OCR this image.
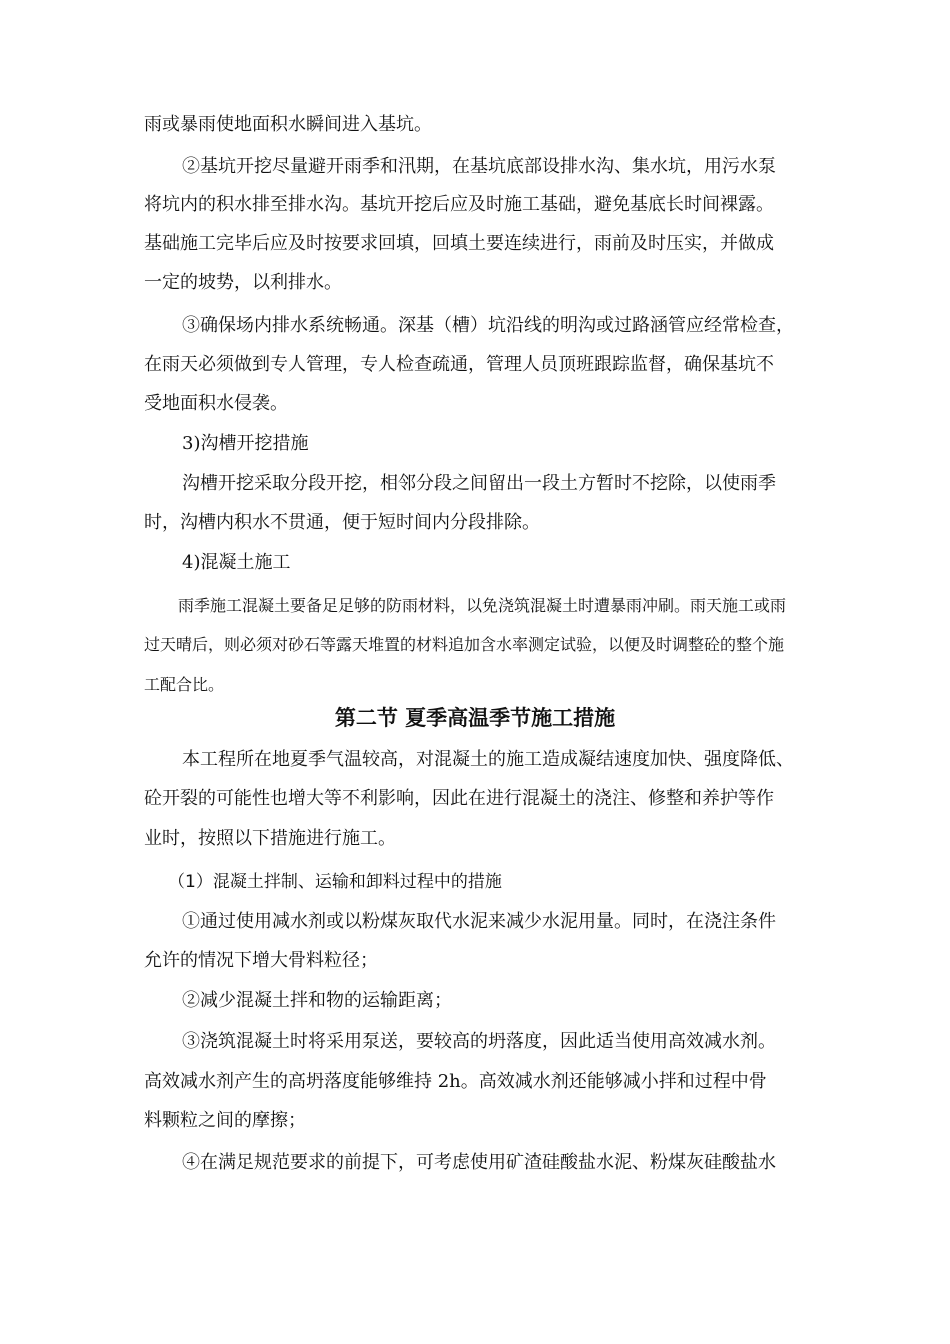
雨或暴雨使地面积水瞬间进入基坑。
②基坑开挖尽量避开雨季和汛期，在基坑底部设排水沟、集水坑，用污水泵
将坑内的积水排至排水沟。基坑开挖后应及时施工基础，避免基底长时间裸露。
基础施工完毕后应及时按要求回填，回填土要连续进行，雨前及时压实，并做成
一定的坡势，以利排水。
③确保场内排水系统畅通。深基（槽）坑沿线的明沟或过路涵管应经常检查，
在雨天必须做到专人管理，专人检查疏通，管理人员顶班跟踪监督，确保基坑不
受地面积水侵袭。
3)沟槽开挖措施
沟槽开挖采取分段开挖，相邻分段之间留出一段土方暂时不挖除，以使雨季
时，沟槽内积水不贯通，便于短时间内分段排除。
4)混凝土施工
雨季施工混凝土要备足足够的防雨材料，以免浇筑混凝土时遭暴雨冲刷。雨天施工或雨
过天晴后，则必须对砂石等露天堆置的材料追加含水率测定试验，以便及时调整砼的整个施
工配合比。
第二节 夏季高温季节施工措施
本工程所在地夏季气温较高，对混凝土的施工造成凝结速度加快、强度降低、
砼开裂的可能性也增大等不利影响，因此在进行混凝土的浇注、修整和养护等作
业时，按照以下措施进行施工。
（1）混凝土拌制、运输和卸料过程中的措施
①通过使用减水剂或以粉煤灰取代水泥来减少水泥用量。同时，在浇注条件
允许的情况下增大骨料粒径；
②减少混凝土拌和物的运输距离；
③浇筑混凝土时将采用泵送，要较高的坍落度，因此适当使用高效减水剂。
高效减水剂产生的高坍落度能够维持 2h。高效减水剂还能够减小拌和过程中骨
料颗粒之间的摩擦；
④在满足规范要求的前提下，可考虑使用矿渣硅酸盐水泥、粉煤灰硅酸盐水
